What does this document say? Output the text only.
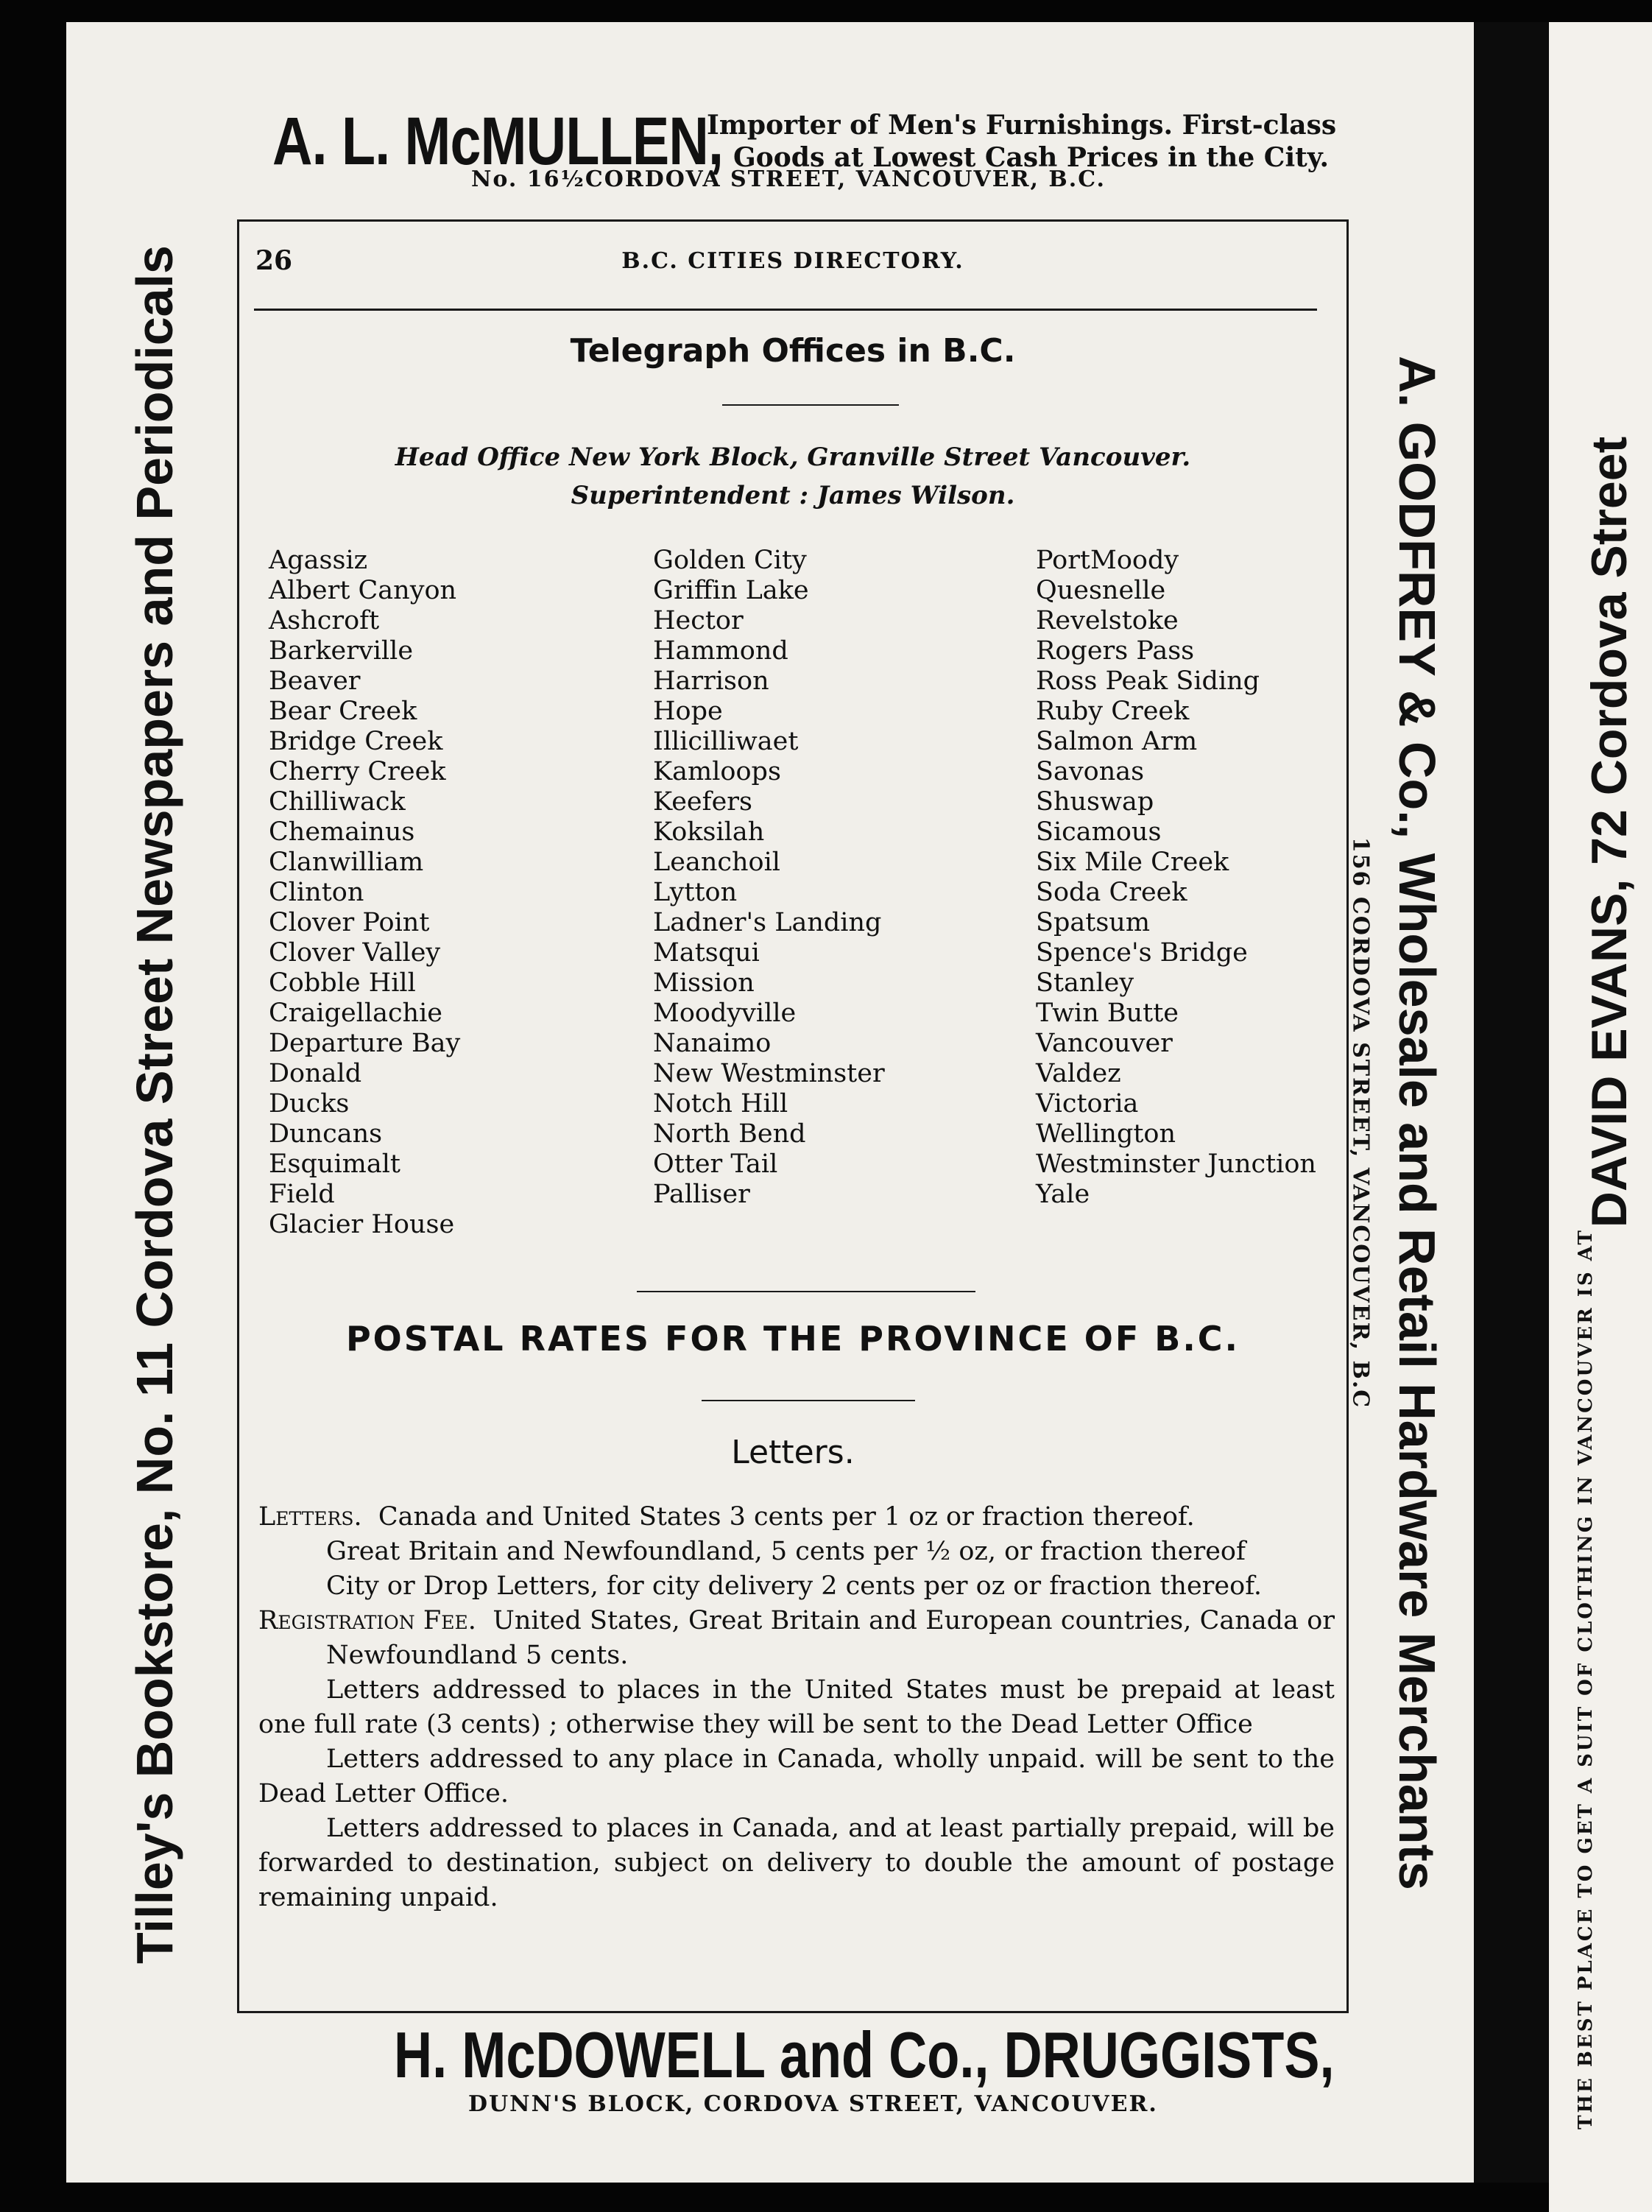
A. L. McMULLEN,
Importer of Men's Furnishings. First-class
Goods at Lowest Cash Prices in the City.
No. 16½CORDOVA STREET, VANCOUVER, B.C.
Tilley's Bookstore, No. 11 Cordova Street Newspapers and Periodicals	A. GODFREY & Co., Wholesale and Retail Hardware Merchants
156 CORDOVA STREET, VANCOUVER, B.C
THE BEST PLACE TO GET A SUIT OF CLOTHING IN VANCOUVER IS AT
DAVID EVANS, 72 Cordova Street
26	B.C. CITIES DIRECTORY.
Telegraph Offices in B.C.
Head Office New York Block, Granville Street Vancouver.
Superintendent : James Wilson.
Agassiz
Albert Canyon
Ashcroft
Barkerville
Beaver
Bear Creek
Bridge Creek
Cherry Creek
Chilliwack
Chemainus
Clanwilliam
Clinton
Clover Point
Clover Valley
Cobble Hill
Craigellachie
Departure Bay
Donald
Ducks
Duncans
Esquimalt
Field
Glacier House
Golden City
Griffin Lake
Hector
Hammond
Harrison
Hope
Illicilliwaet
Kamloops
Keefers
Koksilah
Leanchoil
Lytton
Ladner's Landing
Matsqui
Mission
Moodyville
Nanaimo
New Westminster
Notch Hill
North Bend
Otter Tail
Palliser
PortMoody
Quesnelle
Revelstoke
Rogers Pass
Ross Peak Siding
Ruby Creek
Salmon Arm
Savonas
Shuswap
Sicamous
Six Mile Creek
Soda Creek
Spatsum
Spence's Bridge
Stanley
Twin Butte
Vancouver
Valdez
Victoria
Wellington
Westminster Junction
Yale
POSTAL RATES FOR THE PROVINCE OF B.C.
Letters.

Letters. Canada and United States 3 cents per 1 oz or fraction thereof.

Great Britain and Newfoundland, 5 cents per ½ oz, or fraction thereof

City or Drop Letters, for city delivery 2 cents per oz or fraction thereof.

Registration Fee. United States, Great Britain and European countries, Canada or Newfoundland 5 cents.

Letters addressed to places in the United States must be prepaid at least one full rate (3 cents) ; otherwise they will be sent to the Dead Letter Office

Letters addressed to any place in Canada, wholly unpaid. will be sent to the Dead Letter Office.

Letters addressed to places in Canada, and at least partially prepaid, will be forwarded to destination, subject on delivery to double the amount of postage remaining unpaid.

H. McDOWELL and Co., DRUGGISTS,
DUNN'S BLOCK, CORDOVA STREET, VANCOUVER.
